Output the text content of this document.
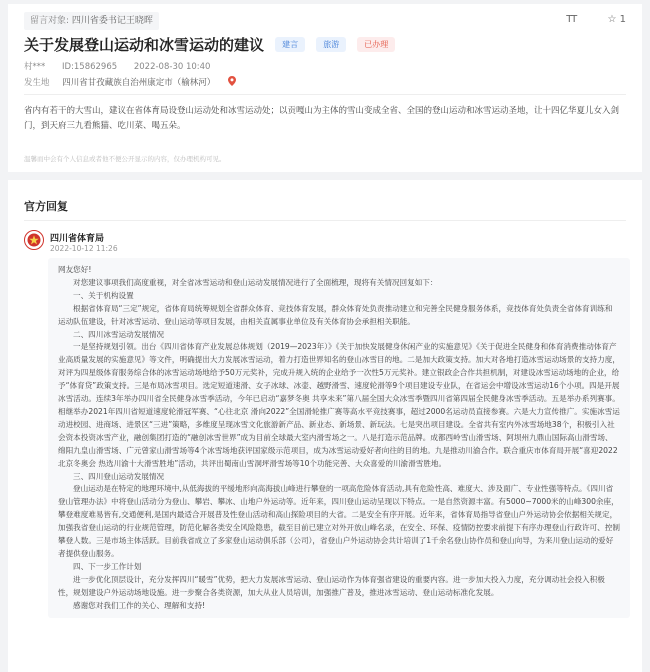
留言对象: 四川省委书记王晓晖	TT	☆ 1
关于发展登山运动和冰雪运动的建议 建言	旅游	已办理
村*** ID:15862965 2022-08-30 10:40
发生地 四川省甘孜藏族自治州康定市（榆林河）
省内有若干的大雪山，建议在省体育局设登山运动处和冰雪运动处；以贡嘎山为主体的雪山变成全省、全国的登山运动和冰雪运动圣地，让十四亿华夏儿女入剑门，到天府三九看熊猫、吃川菜、喝五朵。
温馨而中会有个人信息或者他不便公开显示的内容，仅办理机构可见。
官方回复
四川省体育局
2022-10-12 11:26

网友您好!

对您建议事项我们高度重视，对全省冰雪运动和登山运动发展情况进行了全面梳理，现将有关情况回复如下：

一、关于机构设置

根据省体育局“三定”规定，省体育局统筹规划全省群众体育、竞技体育发展，群众体育处负责推动建立和完善全民健身服务体系，竞技体育处负责全省体育训练和运动队伍建设，针对冰雪运动、登山运动等项目发展，由相关直属事业单位及有关体育协会承担相关职能。

二、四川冰雪运动发展情况

一是坚持规划引领。出台《四川省体育产业发展总体规划（2019—2023年）》《关于加快发展健身休闲产业的实施意见》《关于促进全民健身和体育消费推动体育产业高质量发展的实施意见》等文件，明确提出大力发展冰雪运动，着力打造世界知名的登山冰雪目的地。二是加大政策支持。加大对各地打造冰雪运动场景的支持力度，对评为四星级体育服务综合体的冰雪运动场地给予50万元奖补，完成升规入统的企业给予一次性5万元奖补。建立银政企合作共担机制，对建设冰雪运动场地的企业，给予“体育贷”政策支持。三是布局冰雪项目。选定短道速滑、女子冰球、冰壶、越野滑雪、速度轮滑等9个项目建设专业队，在省运会中增设冰雪运动16个小项。四是开展冰雪活动。连续3年举办四川省全民健身冰雪季活动，今年已启动“嘉梦冬奥 共享未来”第八届全国大众冰雪季暨四川省第四届全民健身冰雪季活动。五是举办系列赛事。相继举办2021年四川省短道速度轮滑冠军赛、“心往北京 滑向2022”全国滑轮推广赛等高水平竞技赛事，超过2000名运动员直接参赛。六是大力宣传推广。实施冰雪运动进校园、进商场、进景区“三进”策略，多维度呈现冰雪文化旅游新产品、新业态、新场景、新玩法。七是突出项目建设。全省共有室内外冰雪场地38个，积极引入社会资本投资冰雪产业，融创集团打造的“融创冰雪世界”成为目前全球最大室内滑雪场之一。八是打造示范品牌。成都西岭雪山滑雪场、阿坝州九鼎山国际高山滑雪场、绵阳九皇山滑雪场、广元曾家山滑雪场等4个冰雪场地获评国家级示范项目，成为冰雪运动爱好者向往的目的地。九是推动川渝合作。联合重庆市体育局开展“喜迎2022北京冬奥会 热选川渝十大滑雪胜地”活动，共评出蜀南山雪洞坪滑雪场等10个功能完善、大众喜爱的川渝滑雪胜地。

三、四川登山运动发展情况

登山运动是在特定的地理环境中,从低海拔的平缓地形向高海拔山峰进行攀登的一项高危险体育活动,具有危险性高、难度大、涉及面广、专业性强等特点。《四川省登山管理办法》中将登山活动分为登山、攀岩、攀冰、山地户外运动等。近年来，四川登山运动呈现以下特点。一是自然资源丰富。有5000~7000米的山峰300余座，攀登难度难易皆有,交通便利,是国内最适合开展普及性登山活动和高山探险项目的大省。二是安全有序开展。近年来，省体育局指导省登山户外运动协会依据相关规定，加强我省登山运动的行业规范管理，防范化解各类安全风险隐患，截至目前已建立对外开放山峰名录，在安全、环保、疫情防控要求前提下有序办理登山行政许可、控制攀登人数。三是市场主体活跃。目前我省成立了多家登山运动俱乐部（公司），省登山户外运动协会共计培训了1千余名登山协作员和登山向导，为来川登山运动的爱好者提供登山服务。

四、下一步工作计划

进一步优化顶层设计，充分发挥四川“暖雪”优势，把大力发展冰雪运动、登山运动作为体育强省建设的重要内容。进一步加大投入力度，充分调动社会投入积极性，规划建设户外运动场地设施。进一步聚合各类资源，加大从业人员培训，加强推广普及，推进冰雪运动、登山运动标准化发展。

感谢您对我们工作的关心、理解和支持!
